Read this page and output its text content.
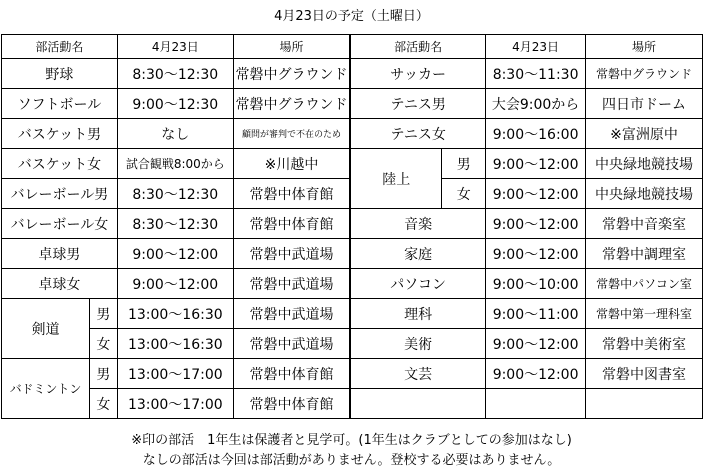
4月23日の予定（土曜日）
部活動名		4月23日	場所	部活動名		4月23日	場所
野球		8:30～12:30	常磐中グラウンド	サッカー		8:30～11:30	常磐中グラウンド
ソフトボール		9:00～12:30	常磐中グラウンド	テニス男		大会9:00から	四日市ドーム
バスケット男		なし	顧問が審判で不在のため	テニス女		9:00～16:00	※富洲原中
バスケット女		試合観戦8:00から	※川越中	陸上	男	9:00～12:00	中央緑地競技場
バレーボール男		8:30～12:30	常磐中体育館		女	9:00～12:00	中央緑地競技場
バレーボール女		8:30～12:30	常磐中体育館	音楽		9:00～12:00	常磐中音楽室
卓球男		9:00～12:00	常磐中武道場	家庭		9:00～12:00	常磐中調理室
卓球女		9:00～12:00	常磐中武道場	パソコン		9:00～10:00	常磐中パソコン室
剣道	男	13:00～16:30	常磐中武道場	理科		9:00～11:00	常磐中第一理科室
	女	13:00～16:30	常磐中武道場	美術		9:00～12:00	常磐中美術室
バドミントン	男	13:00～17:00	常磐中体育館	文芸		9:00～12:00	常磐中図書室
	女	13:00～17:00	常磐中体育館				
※印の部活　1年生は保護者と見学可。(1年生はクラブとしての参加はなし)
なしの部活は今回は部活動がありません。登校する必要はありません。
